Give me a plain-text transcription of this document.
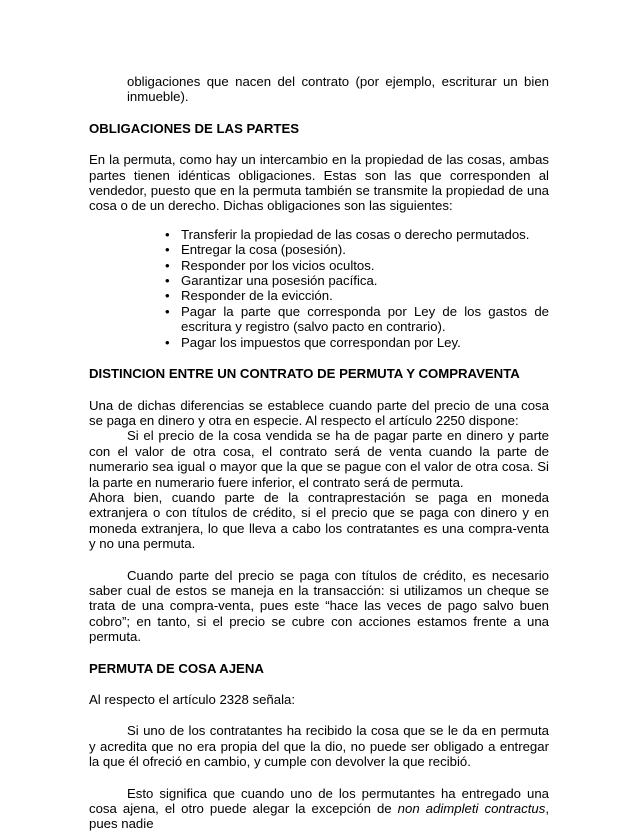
obligaciones que nacen del contrato (por ejemplo, escriturar un bien inmueble).

OBLIGACIONES DE LAS PARTES

En la permuta, como hay un intercambio en la propiedad de las cosas, ambas partes tienen idénticas obligaciones. Estas son las que corresponden al vendedor, puesto que en la permuta también se transmite la propiedad de una cosa o de un derecho. Dichas obligaciones son las siguientes:

• Transferir la propiedad de las cosas o derecho permutados.
• Entregar la cosa (posesión).
• Responder por los vicios ocultos.
• Garantizar una posesión pacífica.
• Responder de la evicción.
• Pagar la parte que corresponda por Ley de los gastos de escritura y registro (salvo pacto en contrario).
• Pagar los impuestos que correspondan por Ley.

DISTINCION ENTRE UN CONTRATO DE PERMUTA Y COMPRAVENTA

Una de dichas diferencias se establece cuando parte del precio de una cosa se paga en dinero y otra en especie. Al respecto el artículo 2250 dispone:

Si el precio de la cosa vendida se ha de pagar parte en dinero y parte con el valor de otra cosa, el contrato será de venta cuando la parte de numerario sea igual o mayor que la que se pague con el valor de otra cosa. Si la parte en numerario fuere inferior, el contrato será de permuta.

Ahora bien, cuando parte de la contraprestación se paga en moneda extranjera o con títulos de crédito, si el precio que se paga con dinero y en moneda extranjera, lo que lleva a cabo los contratantes es una compra-venta y no una permuta.

Cuando parte del precio se paga con títulos de crédito, es necesario saber cual de estos se maneja en la transacción: si utilizamos un cheque se trata de una compra-venta, pues este “hace las veces de pago salvo buen cobro”; en tanto, si el precio se cubre con acciones estamos frente a una permuta.

PERMUTA DE COSA AJENA

Al respecto el artículo 2328 señala:

Si uno de los contratantes ha recibido la cosa que se le da en permuta y acredita que no era propia del que la dio, no puede ser obligado a entregar la que él ofreció en cambio, y cumple con devolver la que recibió.

Esto significa que cuando uno de los permutantes ha entregado una cosa ajena, el otro puede alegar la excepción de non adimpleti contractus, pues nadie
